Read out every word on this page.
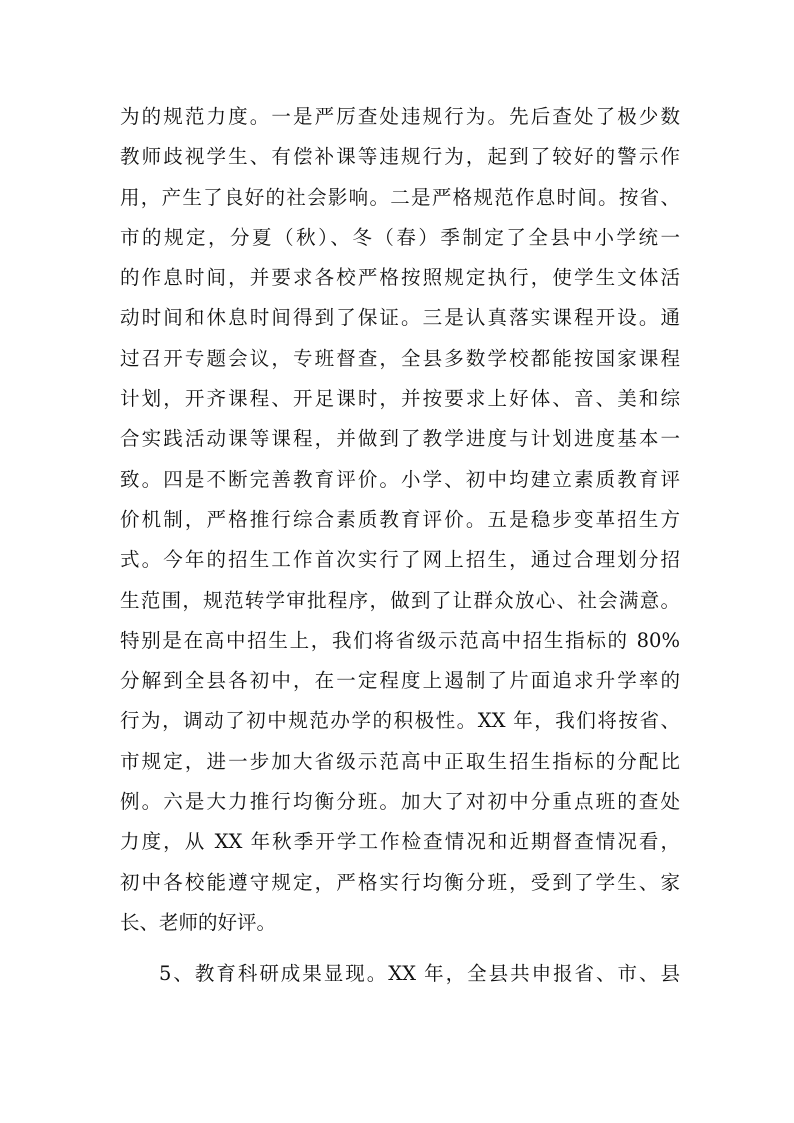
为的规范力度。一是严厉查处违规行为。先后查处了极少数
教师歧视学生、有偿补课等违规行为，起到了较好的警示作
用，产生了良好的社会影响。二是严格规范作息时间。按省、
市的规定，分夏（秋）、冬（春）季制定了全县中小学统一
的作息时间，并要求各校严格按照规定执行，使学生文体活
动时间和休息时间得到了保证。三是认真落实课程开设。通
过召开专题会议，专班督查，全县多数学校都能按国家课程
计划，开齐课程、开足课时，并按要求上好体、音、美和综
合实践活动课等课程，并做到了教学进度与计划进度基本一
致。四是不断完善教育评价。小学、初中均建立素质教育评
价机制，严格推行综合素质教育评价。五是稳步变革招生方
式。今年的招生工作首次实行了网上招生，通过合理划分招
生范围，规范转学审批程序，做到了让群众放心、社会满意。
特别是在高中招生上，我们将省级示范高中招生指标的 80%
分解到全县各初中，在一定程度上遏制了片面追求升学率的
行为，调动了初中规范办学的积极性。XX 年，我们将按省、
市规定，进一步加大省级示范高中正取生招生指标的分配比
例。六是大力推行均衡分班。加大了对初中分重点班的查处
力度，从 XX 年秋季开学工作检查情况和近期督查情况看，
初中各校能遵守规定，严格实行均衡分班，受到了学生、家
长、老师的好评。
5、教育科研成果显现。XX 年，全县共申报省、市、县
